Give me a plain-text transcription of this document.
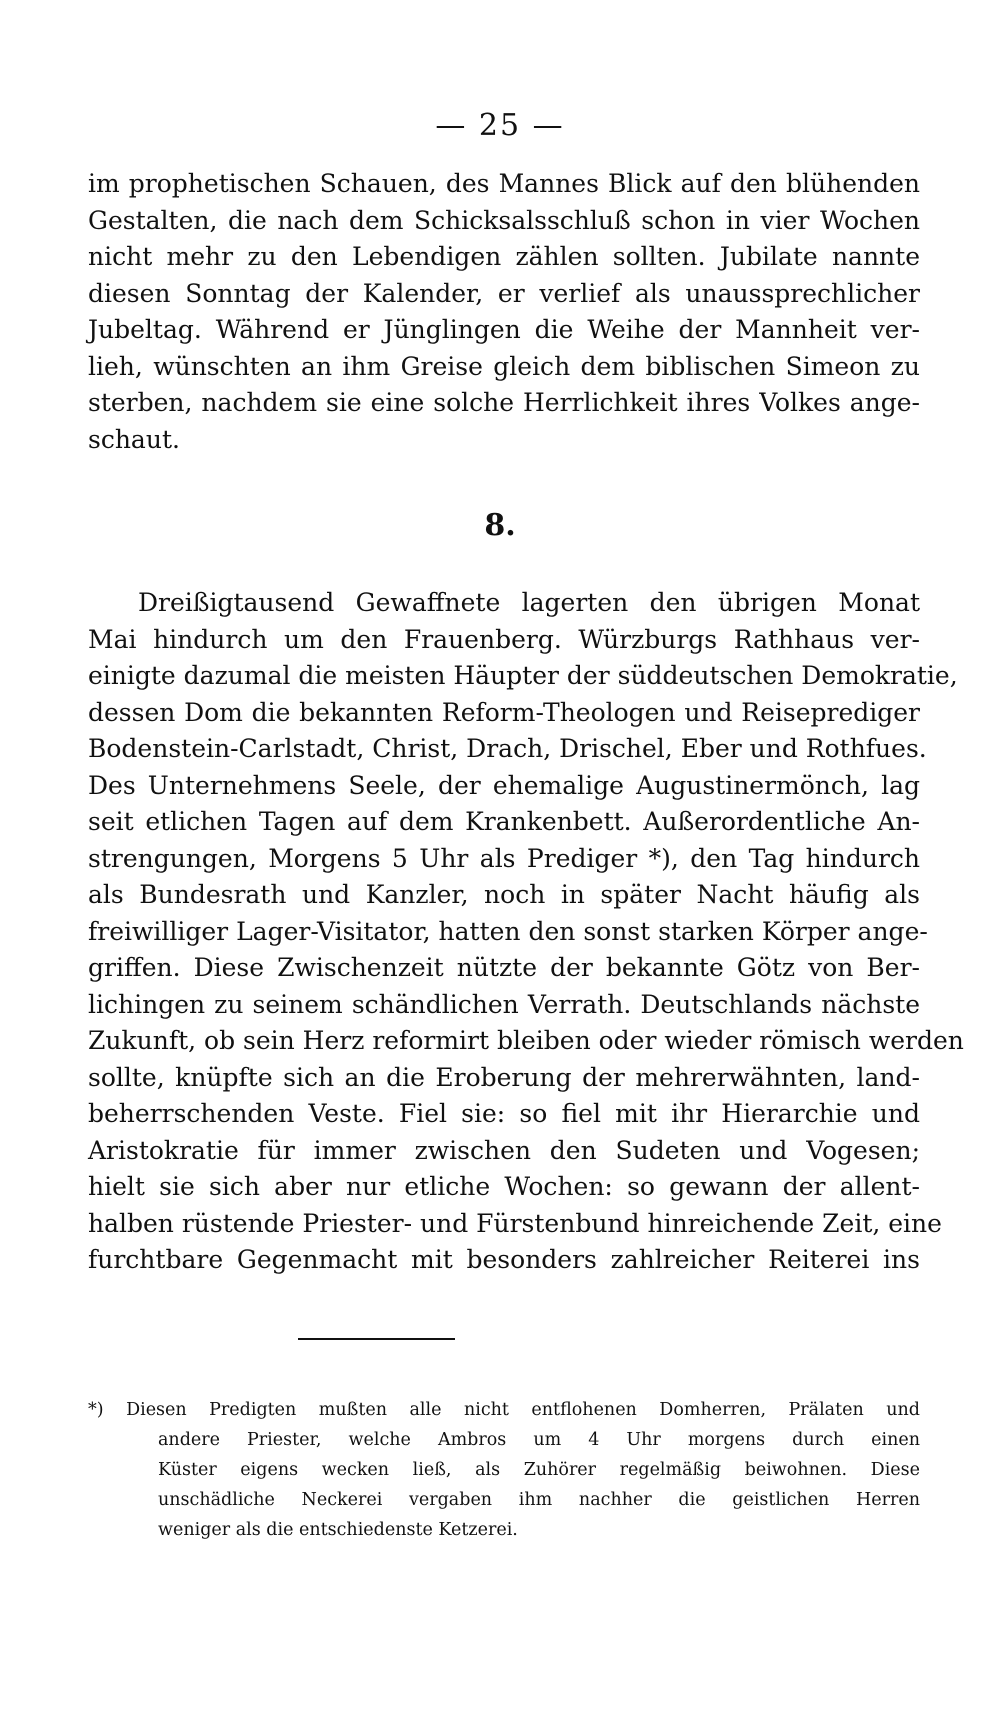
— 25 —
im prophetischen Schauen, des Mannes Blick auf den blühenden
Gestalten, die nach dem Schicksalsschluß schon in vier Wochen
nicht mehr zu den Lebendigen zählen sollten. Jubilate nannte
diesen Sonntag der Kalender, er verlief als unaussprechlicher
Jubeltag. Während er Jünglingen die Weihe der Mannheit ver-
lieh, wünschten an ihm Greise gleich dem biblischen Simeon zu
sterben, nachdem sie eine solche Herrlichkeit ihres Volkes ange-
schaut.
8.
Dreißigtausend Gewaffnete lagerten den übrigen Monat
Mai hindurch um den Frauenberg. Würzburgs Rathhaus ver-
einigte dazumal die meisten Häupter der süddeutschen Demokratie,
dessen Dom die bekannten Reform-Theologen und Reiseprediger
Bodenstein-Carlstadt, Christ, Drach, Drischel, Eber und Rothfues.
Des Unternehmens Seele, der ehemalige Augustinermönch, lag
seit etlichen Tagen auf dem Krankenbett. Außerordentliche An-
strengungen, Morgens 5 Uhr als Prediger *), den Tag hindurch
als Bundesrath und Kanzler, noch in später Nacht häufig als
freiwilliger Lager-Visitator, hatten den sonst starken Körper ange-
griffen. Diese Zwischenzeit nützte der bekannte Götz von Ber-
lichingen zu seinem schändlichen Verrath. Deutschlands nächste
Zukunft, ob sein Herz reformirt bleiben oder wieder römisch werden
sollte, knüpfte sich an die Eroberung der mehrerwähnten, land-
beherrschenden Veste. Fiel sie: so fiel mit ihr Hierarchie und
Aristokratie für immer zwischen den Sudeten und Vogesen;
hielt sie sich aber nur etliche Wochen: so gewann der allent-
halben rüstende Priester- und Fürstenbund hinreichende Zeit, eine
furchtbare Gegenmacht mit besonders zahlreicher Reiterei ins
*) Diesen Predigten mußten alle nicht entflohenen Domherren, Prälaten und
andere Priester, welche Ambros um 4 Uhr morgens durch einen
Küster eigens wecken ließ, als Zuhörer regelmäßig beiwohnen. Diese
unschädliche Neckerei vergaben ihm nachher die geistlichen Herren
weniger als die entschiedenste Ketzerei.
